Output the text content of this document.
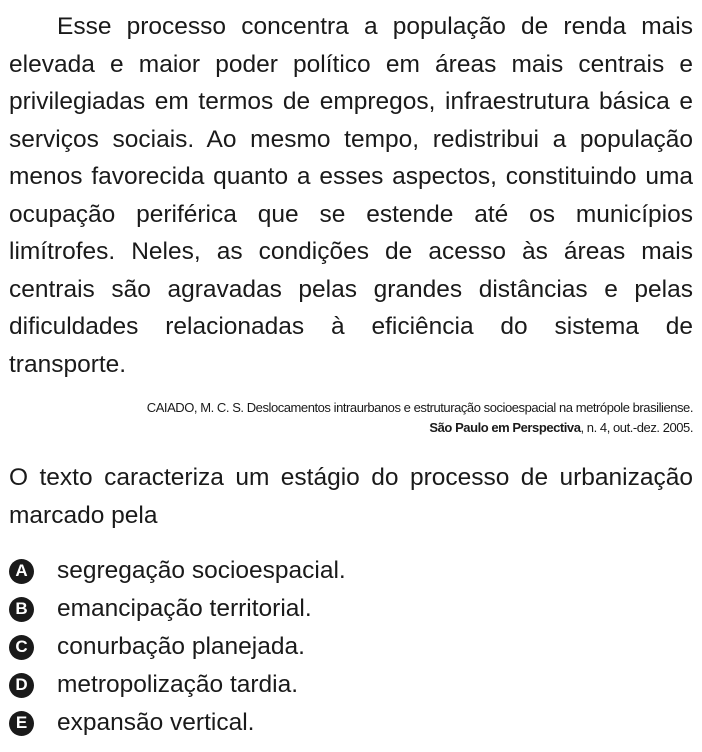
Esse processo concentra a população de renda mais elevada e maior poder político em áreas mais centrais e privilegiadas em termos de empregos, infraestrutura básica e serviços sociais. Ao mesmo tempo, redistribui a população menos favorecida quanto a esses aspectos, constituindo uma ocupação periférica que se estende até os municípios limítrofes. Neles, as condições de acesso às áreas mais centrais são agravadas pelas grandes distâncias e pelas dificuldades relacionadas à eficiência do sistema de transporte.
CAIADO, M. C. S. Deslocamentos intraurbanos e estruturação socioespacial na metrópole brasiliense.
São Paulo em Perspectiva, n. 4, out.-dez. 2005.
O texto caracteriza um estágio do processo de urbanização marcado pela
A segregação socioespacial.
B emancipação territorial.
C conurbação planejada.
D metropolização tardia.
E expansão vertical.
